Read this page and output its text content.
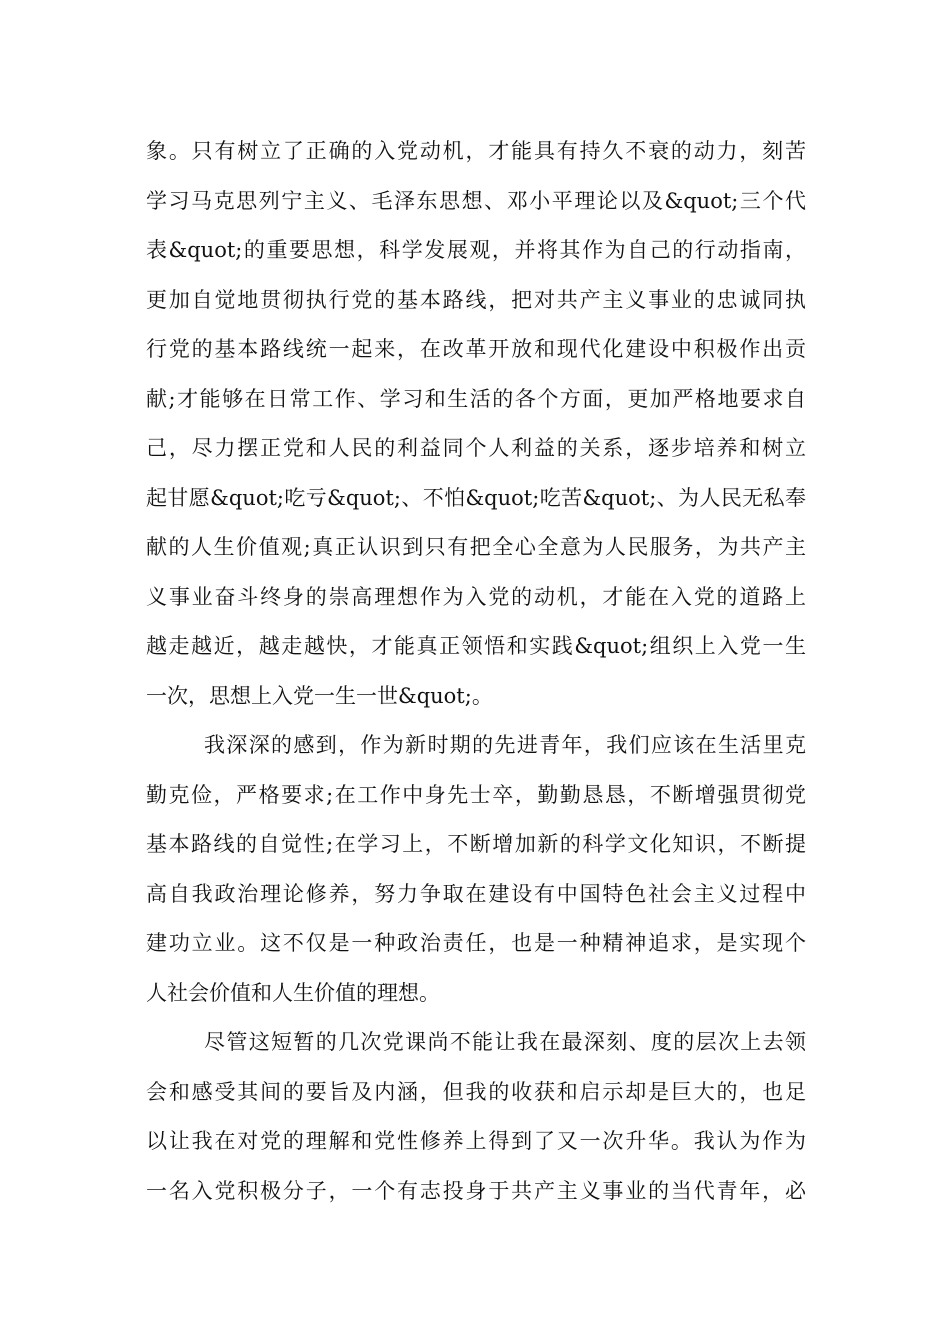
象。只有树立了正确的入党动机，才能具有持久不衰的动力，刻苦
学习马克思列宁主义、毛泽东思想、邓小平理论以及&quot;三个代
表&quot;的重要思想，科学发展观，并将其作为自己的行动指南，
更加自觉地贯彻执行党的基本路线，把对共产主义事业的忠诚同执
行党的基本路线统一起来，在改革开放和现代化建设中积极作出贡
献;才能够在日常工作、学习和生活的各个方面，更加严格地要求自
己，尽力摆正党和人民的利益同个人利益的关系，逐步培养和树立
起甘愿&quot;吃亏&quot;、不怕&quot;吃苦&quot;、为人民无私奉
献的人生价值观;真正认识到只有把全心全意为人民服务，为共产主
义事业奋斗终身的崇高理想作为入党的动机，才能在入党的道路上
越走越近，越走越快，才能真正领悟和实践&quot;组织上入党一生
一次，思想上入党一生一世&quot;。
我深深的感到，作为新时期的先进青年，我们应该在生活里克
勤克俭，严格要求;在工作中身先士卒，勤勤恳恳，不断增强贯彻党
基本路线的自觉性;在学习上，不断增加新的科学文化知识，不断提
高自我政治理论修养，努力争取在建设有中国特色社会主义过程中
建功立业。这不仅是一种政治责任，也是一种精神追求，是实现个
人社会价值和人生价值的理想。
尽管这短暂的几次党课尚不能让我在最深刻、度的层次上去领
会和感受其间的要旨及内涵，但我的收获和启示却是巨大的，也足
以让我在对党的理解和党性修养上得到了又一次升华。我认为作为
一名入党积极分子，一个有志投身于共产主义事业的当代青年，必
